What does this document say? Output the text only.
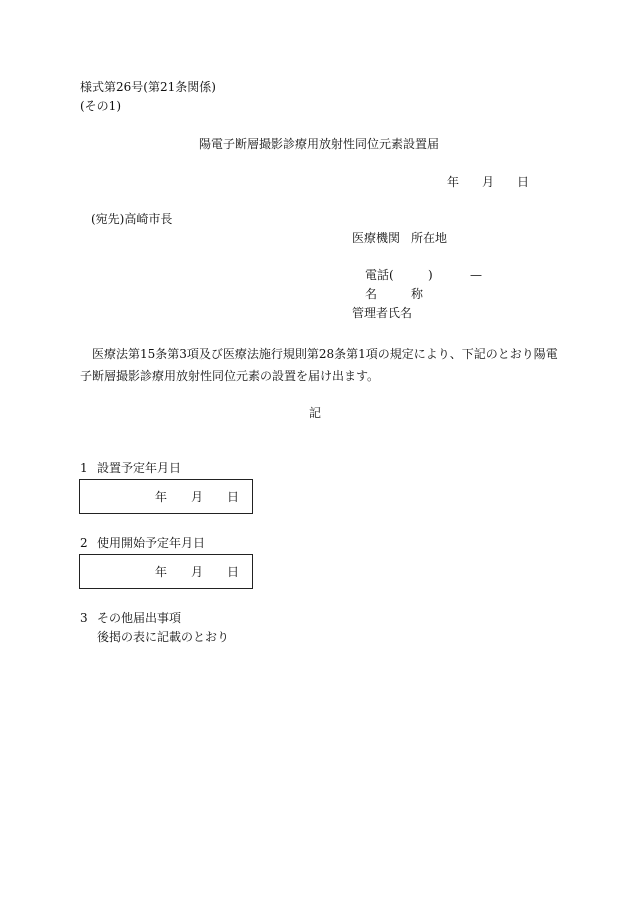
様式第26号(第21条関係)
(その1)
陽電子断層撮影診療用放射性同位元素設置届
年 月 日
(宛先)高崎市長
医療機関 所在地
電話(	)	—
名	称
管理者氏名
医療法第15条第3項及び医療法施行規則第28条第1項の規定により、下記のとおり陽電子断層撮影診療用放射性同位元素の設置を届け出ます。
記
1 設置予定年月日
年 月 日
2 使用開始予定年月日
年 月 日
3 その他届出事項
後掲の表に記載のとおり
